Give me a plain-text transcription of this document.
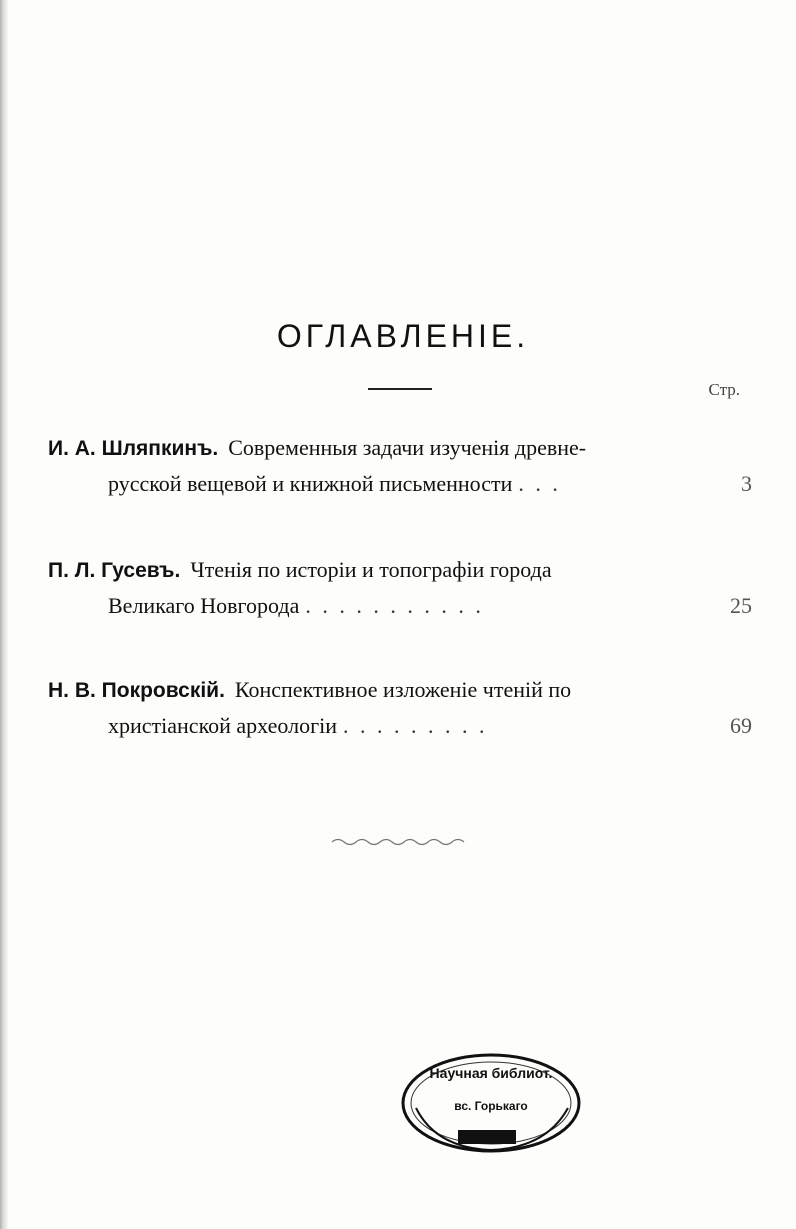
ОГЛАВЛЕНІЕ.
Стр.
И. А. Шляпкинъ. Современныя задачи изученія древне-
русской вещевой и книжной письменности . . .	3
П. Л. Гусевъ. Чтенія по исторіи и топографіи города
Великаго Новгорода . . . . . . . . . . .	25
Н. В. Покровскій. Конспективное изложеніе чтеній по
христіанской археологіи . . . . . . . . .	69
Научная библиот.
вс. Горькаго
